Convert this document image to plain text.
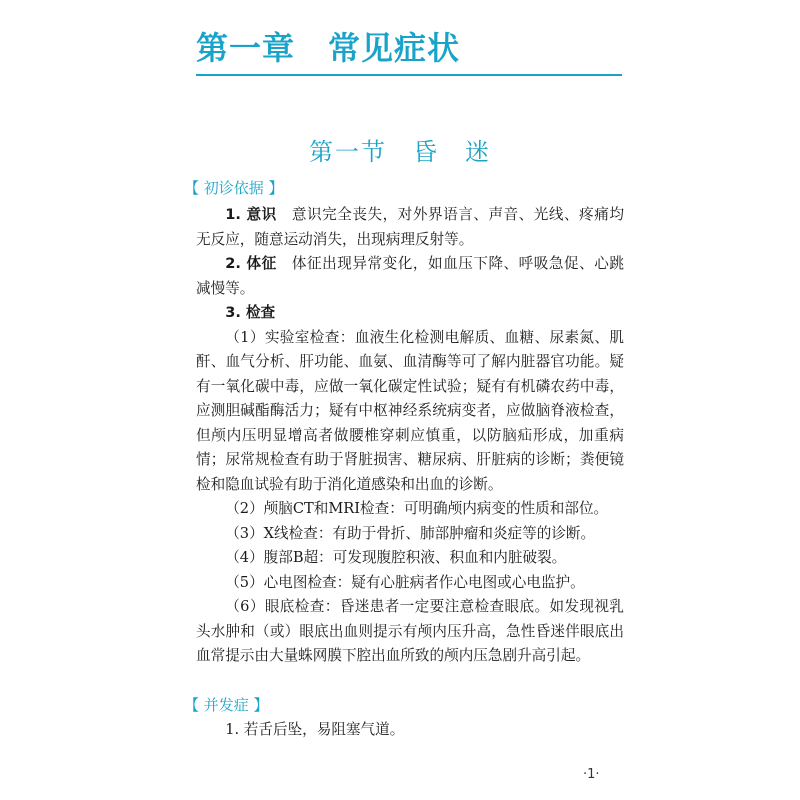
第一章　常见症状
第一节　昏　迷
【 初诊依据 】

1. 意识　意识完全丧失，对外界语言、声音、光线、疼痛均无反应，随意运动消失，出现病理反射等。

2. 体征　体征出现异常变化，如血压下降、呼吸急促、心跳减慢等。

3. 检查

（1）实验室检查：血液生化检测电解质、血糖、尿素氮、肌酐、血气分析、肝功能、血氨、血清酶等可了解内脏器官功能。疑有一氧化碳中毒，应做一氧化碳定性试验；疑有有机磷农药中毒，应测胆碱酯酶活力；疑有中枢神经系统病变者，应做脑脊液检查，但颅内压明显增高者做腰椎穿刺应慎重，以防脑疝形成，加重病情；尿常规检查有助于肾脏损害、糖尿病、肝脏病的诊断；粪便镜检和隐血试验有助于消化道感染和出血的诊断。

（2）颅脑CT和MRI检查：可明确颅内病变的性质和部位。

（3）X线检查：有助于骨折、肺部肿瘤和炎症等的诊断。

（4）腹部B超：可发现腹腔积液、积血和内脏破裂。

（5）心电图检查：疑有心脏病者作心电图或心电监护。

（6）眼底检查：昏迷患者一定要注意检查眼底。如发现视乳头水肿和（或）眼底出血则提示有颅内压升高，急性昏迷伴眼底出血常提示由大量蛛网膜下腔出血所致的颅内压急剧升高引起。

【 并发症 】

1. 若舌后坠，易阻塞气道。

·1·
